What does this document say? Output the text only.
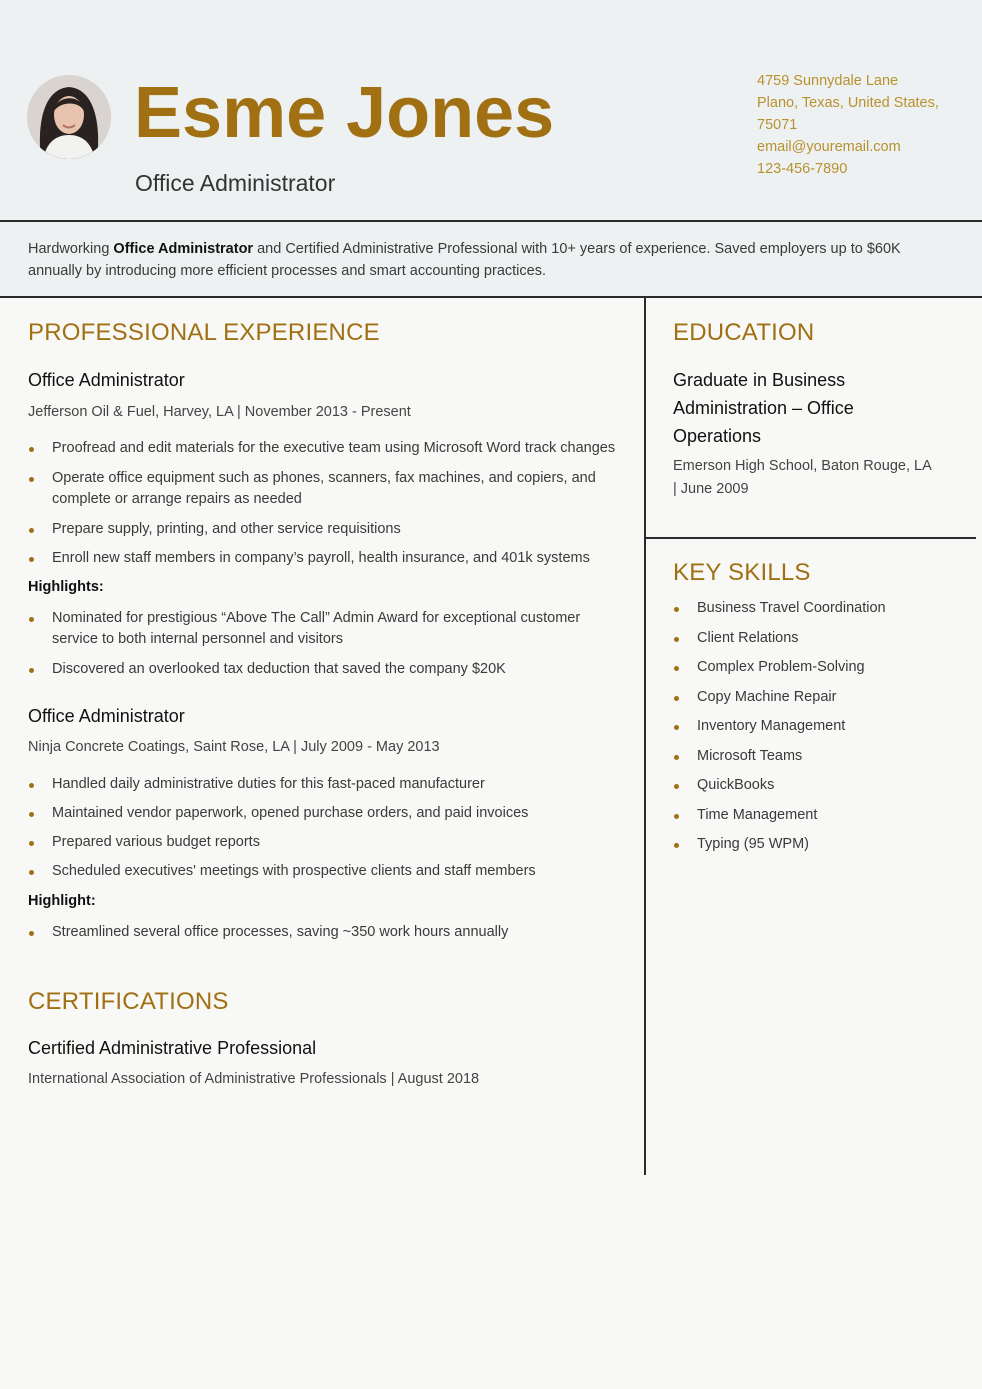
Esme Jones
Office Administrator
4759 Sunnydale Lane
Plano, Texas, United States,
75071
email@youremail.com
123-456-7890
Hardworking Office Administrator and Certified Administrative Professional with 10+ years of experience. Saved employers up to $60K annually by introducing more efficient processes and smart accounting practices.
PROFESSIONAL EXPERIENCE
Office Administrator
Jefferson Oil & Fuel, Harvey, LA | November 2013 - Present
Proofread and edit materials for the executive team using Microsoft Word track changes
Operate office equipment such as phones, scanners, fax machines, and copiers, and complete or arrange repairs as needed
Prepare supply, printing, and other service requisitions
Enroll new staff members in company’s payroll, health insurance, and 401k systems
Highlights:
Nominated for prestigious “Above The Call” Admin Award for exceptional customer service to both internal personnel and visitors
Discovered an overlooked tax deduction that saved the company $20K
Office Administrator
Ninja Concrete Coatings, Saint Rose, LA | July 2009 - May 2013
Handled daily administrative duties for this fast-paced manufacturer
Maintained vendor paperwork, opened purchase orders, and paid invoices
Prepared various budget reports
Scheduled executives' meetings with prospective clients and staff members
Highlight:
Streamlined several office processes, saving ~350 work hours annually
CERTIFICATIONS
Certified Administrative Professional
International Association of Administrative Professionals | August 2018
EDUCATION
Graduate in Business Administration – Office Operations
Emerson High School, Baton Rouge, LA | June 2009
KEY SKILLS
Business Travel Coordination
Client Relations
Complex Problem-Solving
Copy Machine Repair
Inventory Management
Microsoft Teams
QuickBooks
Time Management
Typing (95 WPM)
